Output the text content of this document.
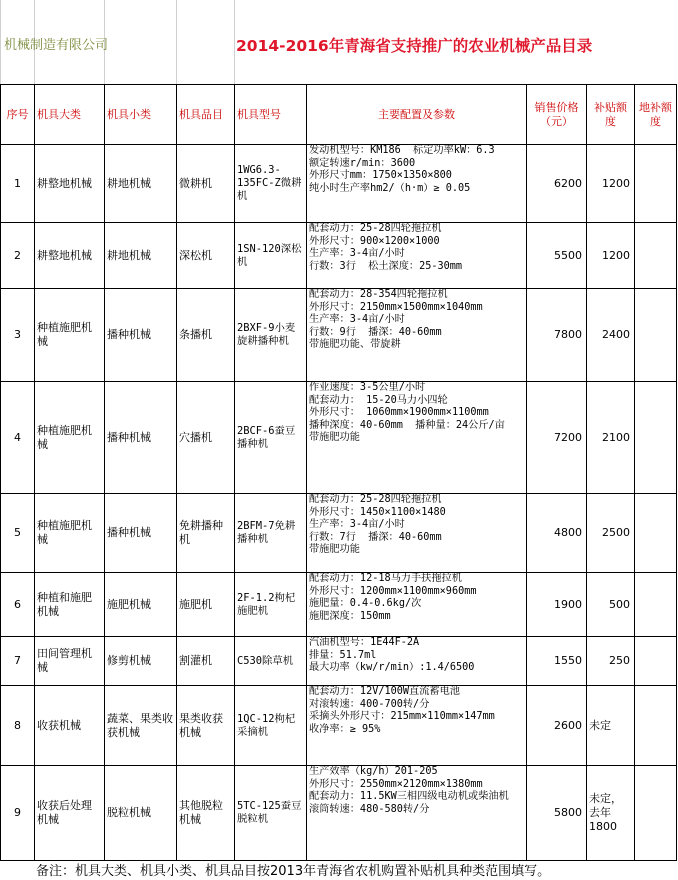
机械制造有限公司	2014-2016年青海省支持推广的农业机械产品目录
序号	机具大类	机具小类	机具品目	机具型号	主要配置及参数	销售价格（元）	补贴额度	地补额度
1	耕整地机械	耕地机械	微耕机	1WG6.3-135FC-Z微耕机	发动机型号：KM186  标定功率kW：6.3
额定转速r/min：3600
外形尺寸mm：1750×1350×800
纯小时生产率hm2/（h·m）≥ 0.05	6200	1200	
2	耕整地机械	耕地机械	深松机	1SN-120深松机	配套动力：25-28四轮拖拉机
外形尺寸：900×1200×1000
生产率：3-4亩/小时
行数：3行  松土深度：25-30mm	5500	1200	
3	种植施肥机械	播种机械	条播机	2BXF-9小麦旋耕播种机	配套动力：28-354四轮拖拉机
外形尺寸：2150mm×1500mm×1040mm
生产率：3-4亩/小时
行数：9行  播深：40-60mm
带施肥功能、带旋耕	7800	2400	
4	种植施肥机械	播种机械	穴播机	2BCF-6蚕豆播种机	作业速度：3-5公里/小时
配套动力： 15-20马力小四轮
外形尺寸： 1060mm×1900mm×1100mm
播种深度：40-60mm  播种量：24公斤/亩
带施肥功能	7200	2100	
5	种植施肥机械	播种机械	免耕播种机	2BFM-7免耕播种机	配套动力：25-28四轮拖拉机
外形尺寸：1450×1100×1480
生产率：3-4亩/小时
行数：7行  播深：40-60mm
带施肥功能	4800	2500	
6	种植和施肥机械	施肥机械	施肥机	2F-1.2枸杞施肥机	配套动力：12-18马力手扶拖拉机
外形尺寸：1200mm×1100mm×960mm
施肥量：0.4-0.6kg/次
施肥深度：150mm	1900	500	
7	田间管理机械	修剪机械	割灌机	C530除草机	汽油机型号：1E44F-2A
排量：51.7ml
最大功率（kw/r/min）:1.4/6500	1550	250	
8	收获机械	蔬菜、果类收获机械	果类收获机械	1QC-12枸杞采摘机	配套动力：12V/100W直流蓄电池
对滚转速：400-700转/分
采摘头外形尺寸：215mm×110mm×147mm
收净率：≥ 95%	2600	未定	
9	收获后处理机械	脱粒机械	其他脱粒机械	5TC-125蚕豆脱粒机	生产效率（kg/h）201-205
外形尺寸：2550mm×2120mm×1380mm
配套动力：11.5KW三相四级电动机或柴油机
滚筒转速：480-580转/分	5800	未定，去年1800	
备注：机具大类、机具小类、机具品目按2013年青海省农机购置补贴机具种类范围填写。
